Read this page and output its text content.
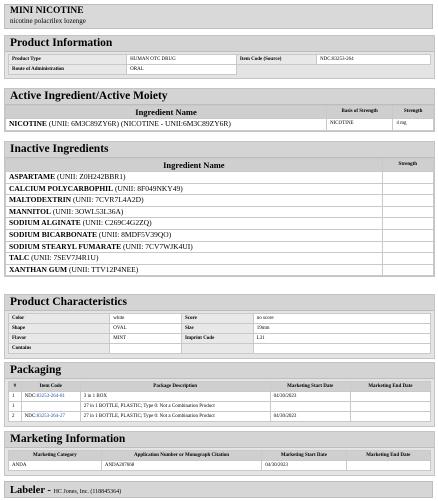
MINI NICOTINE
nicotine polacrilex lozenge
Product Information
Product Type	HUMAN OTC DRUG	Item Code (Source)	NDC:83253-264
Route of Administration	ORAL		
Active Ingredient/Active Moiety
Ingredient Name	Basis of Strength	Strength
NICOTINE (UNII: 6M3C89ZY6R) (NICOTINE - UNII:6M3C89ZY6R)	NICOTINE	4 mg
Inactive Ingredients
Ingredient Name	Strength
ASPARTAME (UNII: Z0H242BBR1)	
CALCIUM POLYCARBOPHIL (UNII: 8F049NKY49)	
MALTODEXTRIN (UNII: 7CVR7L4A2D)	
MANNITOL (UNII: 3OWL53L36A)	
SODIUM ALGINATE (UNII: C269C4G2ZQ)	
SODIUM BICARBONATE (UNII: 8MDF5V39QO)	
SODIUM STEARYL FUMARATE (UNII: 7CV7WJK4UI)	
TALC (UNII: 7SEV7J4R1U)	
XANTHAN GUM (UNII: TTV12P4NEE)	
Product Characteristics
Color	white	Score	no score
Shape	OVAL	Size	19mm
Flavor	MINT	Imprint Code	L31
Contains			
Packaging
#	Item Code	Package Description	Marketing Start Date	Marketing End Date
1	NDC:83253-264-81	3 in 1 BOX	04/30/2023	
1		27 in 1 BOTTLE, PLASTIC; Type 0: Not a Combination Product		
2	NDC:83253-264-27	27 in 1 BOTTLE, PLASTIC; Type 0: Not a Combination Product	04/30/2023	
Marketing Information
Marketing Category	Application Number or Monograph Citation	Marketing Start Date	Marketing End Date
ANDA	ANDA207668	04/30/2023	
Labeler - HC Jones, Inc. (118845364)
